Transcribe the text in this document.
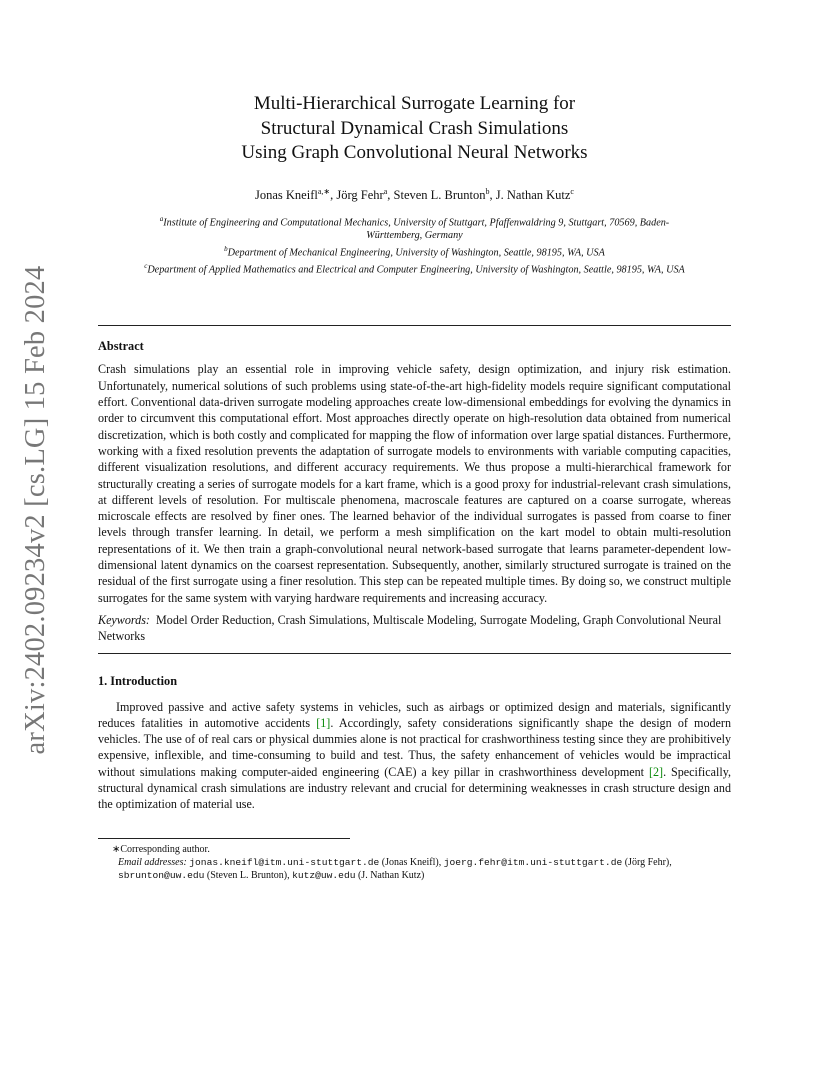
arXiv:2402.09234v2 [cs.LG] 15 Feb 2024
Multi-Hierarchical Surrogate Learning for
Structural Dynamical Crash Simulations
Using Graph Convolutional Neural Networks
Jonas Kneifl$^{a,∗}$, Jörg Fehr$^a$, Steven L. Brunton$^b$, J. Nathan Kutz$^c$
$^a$Institute of Engineering and Computational Mechanics, University of Stuttgart, Pfaffenwaldring 9, Stuttgart, 70569, Baden-Württemberg, Germany
$^b$Department of Mechanical Engineering, University of Washington, Seattle, 98195, WA, USA
$^c$Department of Applied Mathematics and Electrical and Computer Engineering, University of Washington, Seattle, 98195, WA, USA
Abstract

Crash simulations play an essential role in improving vehicle safety, design optimization, and injury risk estimation. Unfortunately, numerical solutions of such problems using state-of-the-art high-fidelity models require significant computational effort. Conventional data-driven surrogate modeling approaches create low-dimensional embeddings for evolving the dynamics in order to circumvent this computational effort. Most approaches directly operate on high-resolution data obtained from numerical discretization, which is both costly and complicated for mapping the flow of information over large spatial distances. Furthermore, working with a fixed resolution prevents the adaptation of surrogate models to environments with variable computing capacities, different visualization resolutions, and different accuracy requirements. We thus propose a multi-hierarchical framework for structurally creating a series of surrogate models for a kart frame, which is a good proxy for industrial-relevant crash simulations, at different levels of resolution. For multiscale phenomena, macroscale features are captured on a coarse surrogate, whereas microscale effects are resolved by finer ones. The learned behavior of the individual surrogates is passed from coarse to finer levels through transfer learning. In detail, we perform a mesh simplification on the kart model to obtain multi-resolution representations of it. We then train a graph-convolutional neural network-based surrogate that learns parameter-dependent low-dimensional latent dynamics on the coarsest representation. Subsequently, another, similarly structured surrogate is trained on the residual of the first surrogate using a finer resolution. This step can be repeated multiple times. By doing so, we construct multiple surrogates for the same system with varying hardware requirements and increasing accuracy.

Keywords: Model Order Reduction, Crash Simulations, Multiscale Modeling, Surrogate Modeling, Graph Convolutional Neural Networks
1. Introduction

Improved passive and active safety systems in vehicles, such as airbags or optimized design and materials, significantly reduces fatalities in automotive accidents [1]. Accordingly, safety considerations significantly shape the design of modern vehicles. The use of of real cars or physical dummies alone is not practical for crashworthiness testing since they are prohibitively expensive, inflexible, and time-consuming to build and test. Thus, the safety enhancement of vehicles would be impractical without simulations making computer-aided engineering (CAE) a key pillar in crashworthiness development [2]. Specifically, structural dynamical crash simulations are industry relevant and crucial for determining weaknesses in crash structure design and the optimization of material use.

∗Corresponding author.
Email addresses: jonas.kneifl@itm.uni-stuttgart.de (Jonas Kneifl), joerg.fehr@itm.uni-stuttgart.de (Jörg Fehr), sbrunton@uw.edu (Steven L. Brunton), kutz@uw.edu (J. Nathan Kutz)
